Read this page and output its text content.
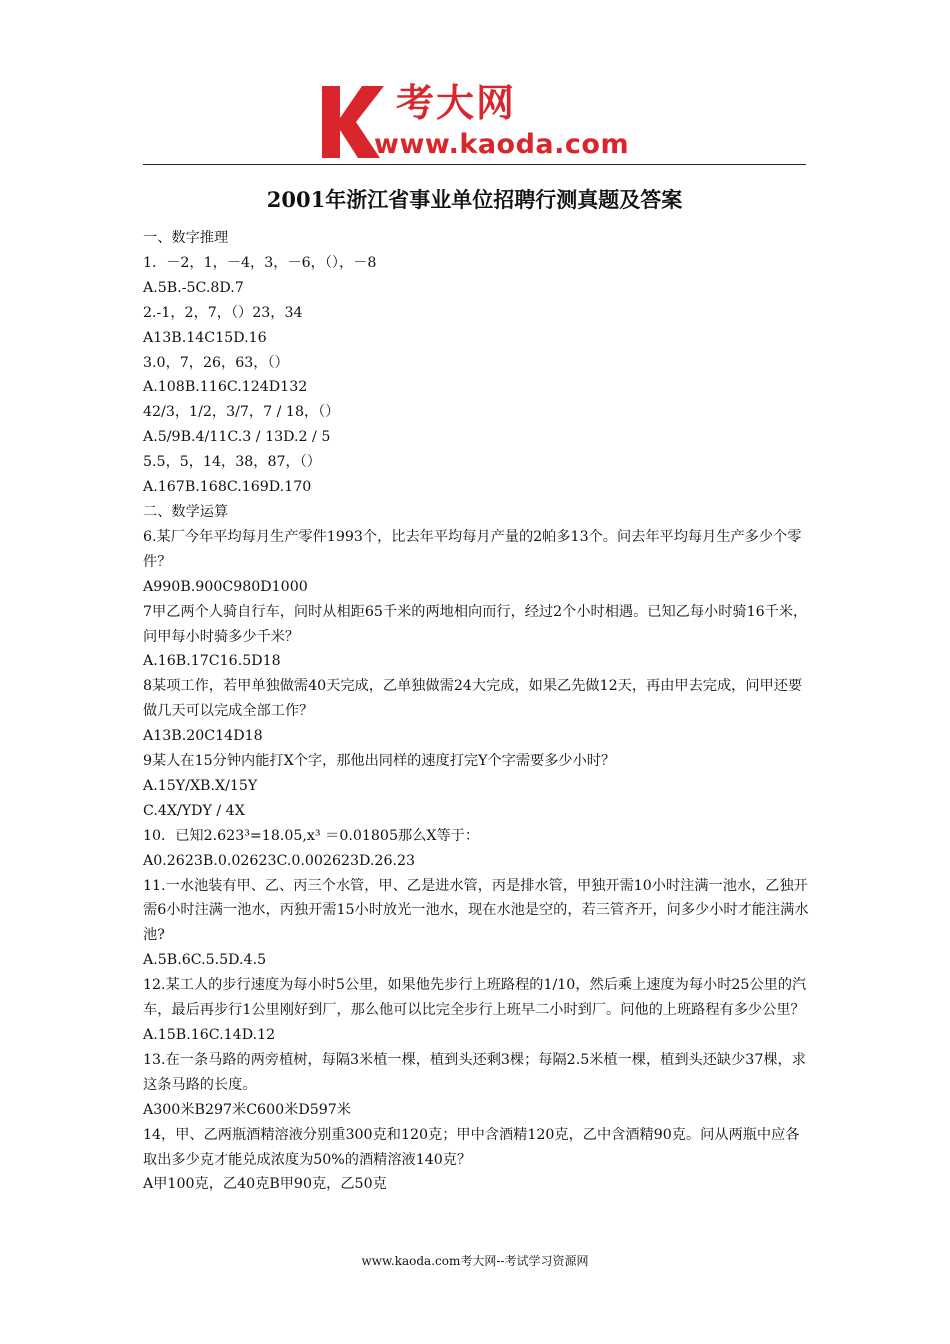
考大网
www.kaoda.com
2001年浙江省事业单位招聘行测真题及答案
一、数字推理
1．－2，1，－4，3，－6，（），－8
A.5B.-5C.8D.7
2.-1，2，7，（）23，34
A13B.14C15D.16
3.0，7，26，63，（）
A.108B.116C.124D132
42/3，1/2，3/7，7 / 18，（）
A.5/9B.4/11C.3 / 13D.2 / 5
5.5，5，14，38，87，（）
A.167B.168C.169D.170
二、数学运算
6.某厂今年平均每月生产零件1993个，比去年平均每月产量的2帕多13个。问去年平均每月生产多少个零件？
A990B.900C980D1000
7甲乙两个人骑自行车，问时从相距65千米的两地相向而行，经过2个小时相遇。已知乙每小时骑16千米，问甲每小时骑多少千米？
A.16B.17C16.5D18
8某项工作，若甲单独做需40天完成，乙单独做需24大完成，如果乙先做12天，再由甲去完成，问甲还要做几天可以完成全部工作？
A13B.20C14D18
9某人在15分钟内能打X个字，那他出同样的速度打完Y个字需要多少小时？
A.15Y/XB.X/15Y
C.4X/YDY / 4X
10．已知2.623³=18.05,x³ ＝0.01805那么X等于：
A0.2623B.0.02623C.0.002623D.26.23
11.一水池装有甲、乙、丙三个水管，甲、乙是进水管，丙是排水管，甲独开需10小时注满一池水，乙独开需6小时注满一池水，丙独开需15小时放光一池水，现在水池是空的，若三管齐开，问多少小时才能注满水池?
A.5B.6C.5.5D.4.5
12.某工人的步行速度为每小时5公里，如果他先步行上班路程的1/10，然后乘上速度为每小时25公里的汽车，最后再步行1公里刚好到厂，那么他可以比完全步行上班早二小时到厂。问他的上班路程有多少公里？
A.15B.16C.14D.12
13.在一条马路的两旁植树，每隔3米植一棵，植到头还剩3棵；每隔2.5米植一棵，植到头还缺少37棵，求这条马路的长度。
A300米B297米C600米D597米
14，甲、乙两瓶酒精溶液分别重300克和120克；甲中含酒精120克，乙中含酒精90克。问从两瓶中应各取出多少克才能兑成浓度为50%的酒精溶液140克？
A甲100克，乙40克B甲90克，乙50克
www.kaoda.com考大网--考试学习资源网
